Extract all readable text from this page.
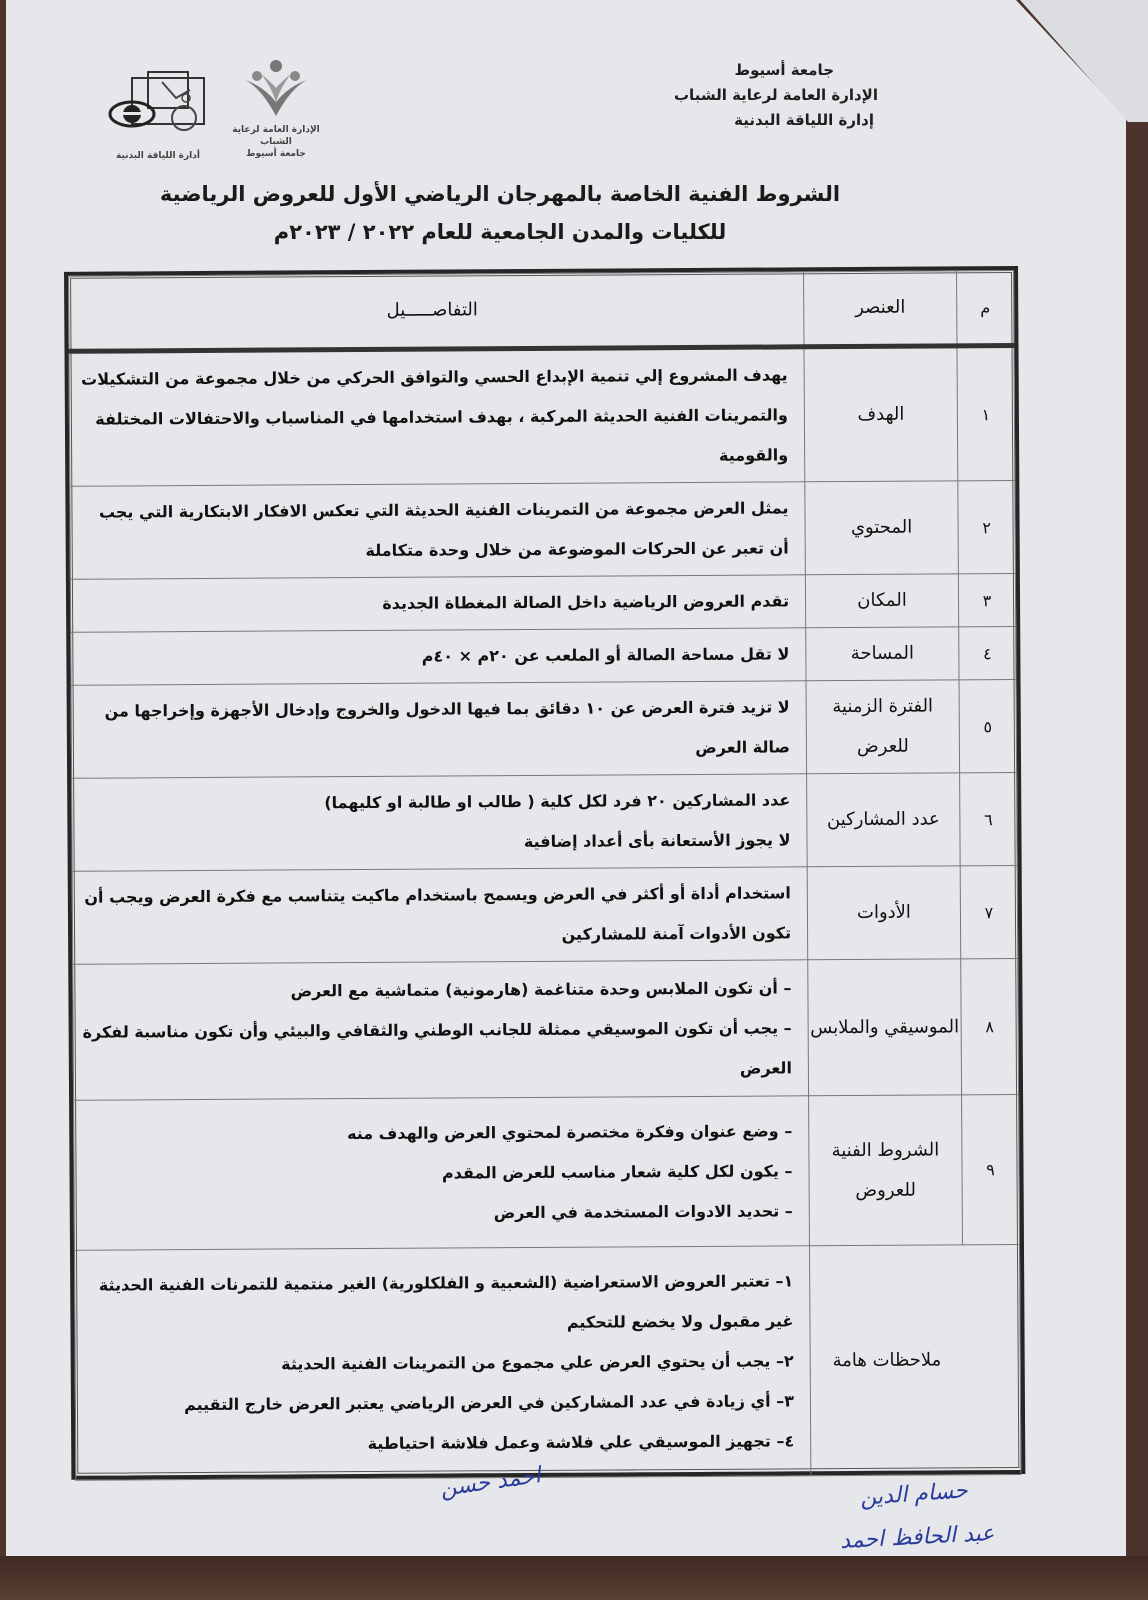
جامعة أسيوط
الإدارة العامة لرعاية الشباب
إدارة اللياقة البدنية
الإدارة العامة لرعاية الشباب
جامعة أسيوط
أدارة اللياقة البدنية
الشروط الفنية الخاصة بالمهرجان الرياضي الأول للعروض الرياضية
للكليات والمدن الجامعية للعام ٢٠٢٢ / ٢٠٢٣م
م	العنصر	التفاصـــــيل
١	الهدف	يهدف المشروع إلي تنمية الإبداع الحسي والتوافق الحركي من خلال مجموعة من التشكيلات والتمرينات الفنية الحديثة المركبة ، بهدف استخدامها في المناسباب والاحتفالات المختلفة والقومية

٢	المحتوي	يمثل العرض مجموعة من التمرينات الفنية الحديثة التي تعكس الافكار الابتكارية التي يجب أن تعبر عن الحركات الموضوعة من خلال وحدة متكاملة

٣	المكان	تقدم العروض الرياضية داخل الصالة المغطاة الجديدة

٤	المساحة	لا تقل مساحة الصالة أو الملعب عن ٢٠م × ٤٠م

٥	الفترة الزمنية للعرض	لا تزيد فترة العرض عن ١٠ دقائق بما فيها الدخول والخروج وإدخال الأجهزة وإخراجها من صالة العرض

٦	عدد المشاركين	عدد المشاركين ٢٠ فرد لكل كلية ( طالب او طالبة او كليهما)
لا يجوز الأستعانة بأى أعداد إضافية

٧	الأدوات	استخدام أداة أو أكثر في العرض ويسمح باستخدام ماكيت يتناسب مع فكرة العرض ويجب أن تكون الأدوات آمنة للمشاركين

٨	الموسيقي والملابس	– أن تكون الملابس وحدة متناغمة (هارمونية) متماشية مع العرض
– يجب أن تكون الموسيقي ممثلة للجانب الوطني والثقافي والبيئي وأن تكون مناسبة لفكرة العرض

٩	الشروط الفنية للعروض	– وضع عنوان وفكرة مختصرة لمحتوي العرض والهدف منه
– يكون لكل كلية شعار مناسب للعرض المقدم
– تحديد الادوات المستخدمة في العرض

	ملاحظات هامة	١– تعتبر العروض الاستعراضية (الشعبية و الفلكلورية) الغير منتمية للتمرنات الفنية الحديثة غير مقبول ولا يخضع للتحكيم
٢– يجب أن يحتوي العرض علي مجموع من التمرينات الفنية الحديثة
٣– أي زيادة في عدد المشاركين في العرض الرياضي يعتبر العرض خارج التقييم
٤– تجهيز الموسيقي علي فلاشة وعمل فلاشة احتياطية
احمد حسن	حسام الدين
عبد الحافظ احمد
